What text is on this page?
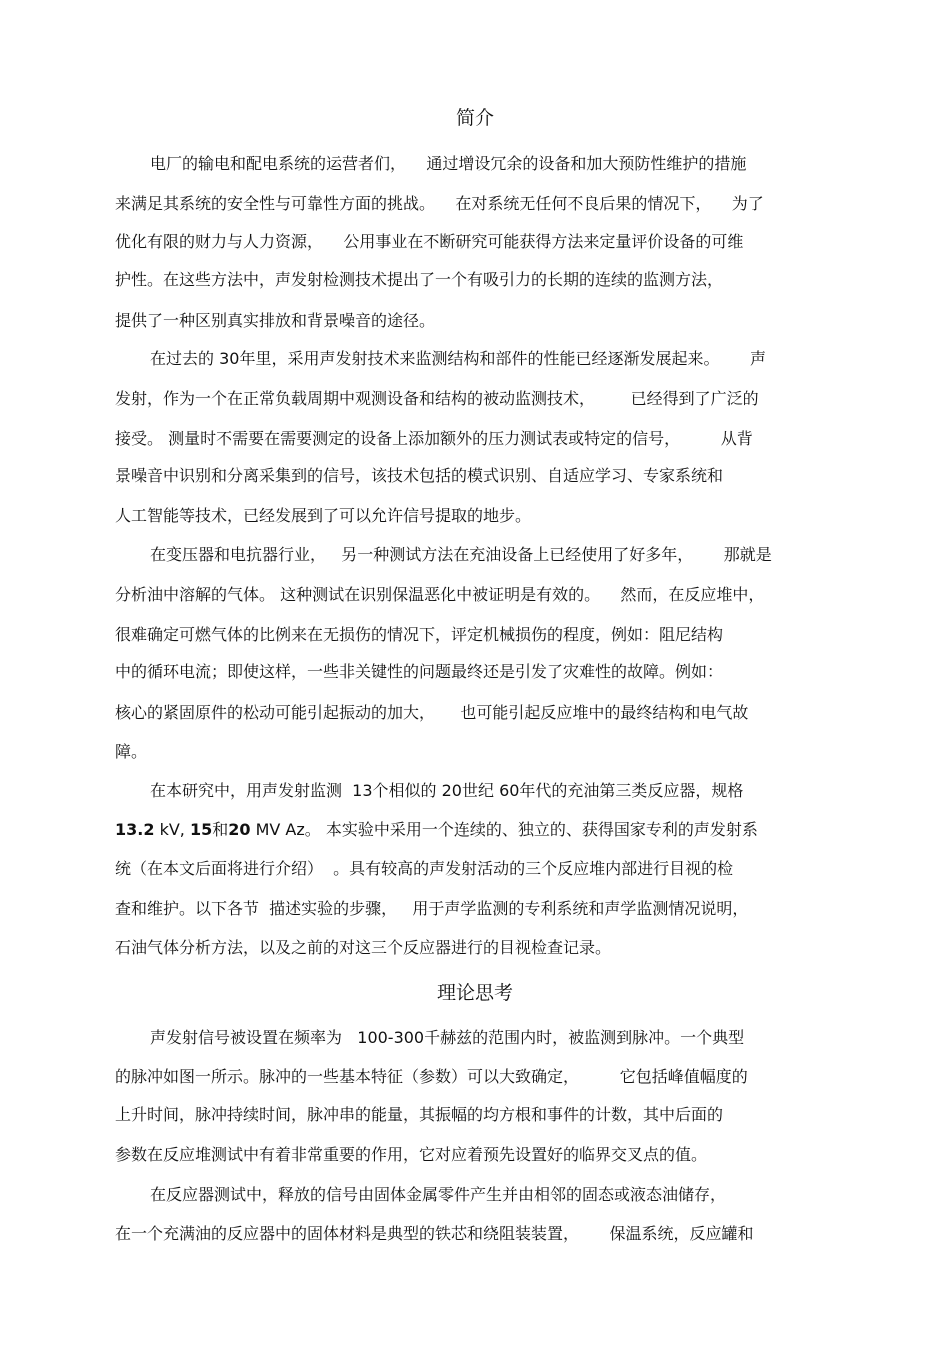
简介

电厂的输电和配电系统的运营者们，    通过增设冗余的设备和加大预防性维护的措施

来满足其系统的安全性与可靠性方面的挑战。    在对系统无任何不良后果的情况下，    为了

优化有限的财力与人力资源，    公用事业在不断研究可能获得方法来定量评价设备的可维

护性。在这些方法中，声发射检测技术提出了一个有吸引力的长期的连续的监测方法，

提供了一种区别真实排放和背景噪音的途径。

在过去的 30年里，采用声发射技术来监测结构和部件的性能已经逐渐发展起来。      声

发射，作为一个在正常负载周期中观测设备和结构的被动监测技术，       已经得到了广泛的

接受。 测量时不需要在需要测定的设备上添加额外的压力测试表或特定的信号，        从背

景噪音中识别和分离采集到的信号，该技术包括的模式识别、自适应学习、专家系统和

人工智能等技术，已经发展到了可以允许信号提取的地步。

在变压器和电抗器行业，   另一种测试方法在充油设备上已经使用了好多年，      那就是

分析油中溶解的气体。 这种测试在识别保温恶化中被证明是有效的。    然而，在反应堆中，

很难确定可燃气体的比例来在无损伤的情况下，评定机械损伤的程度，例如：阻尼结构

中的循环电流；即使这样，一些非关键性的问题最终还是引发了灾难性的故障。例如：

核心的紧固原件的松动可能引起振动的加大，     也可能引起反应堆中的最终结构和电气故

障。

在本研究中，用声发射监测  13个相似的 20世纪 60年代的充油第三类反应器，规格

13.2 kV, 15和20 MV Az。 本实验中采用一个连续的、独立的、获得国家专利的声发射系

统（在本文后面将进行介绍）  。具有较高的声发射活动的三个反应堆内部进行目视的检

查和维护。以下各节  描述实验的步骤，   用于声学监测的专利系统和声学监测情况说明，

石油气体分析方法，以及之前的对这三个反应器进行的目视检查记录。

理论思考

声发射信号被设置在频率为   100-300千赫兹的范围内时，被监测到脉冲。一个典型

的脉冲如图一所示。脉冲的一些基本特征（参数）可以大致确定，        它包括峰值幅度的

上升时间，脉冲持续时间，脉冲串的能量，其振幅的均方根和事件的计数，其中后面的

参数在反应堆测试中有着非常重要的作用，它对应着预先设置好的临界交叉点的值。

在反应器测试中，释放的信号由固体金属零件产生并由相邻的固态或液态油储存，

在一个充满油的反应器中的固体材料是典型的铁芯和绕阻装装置，      保温系统，反应罐和
